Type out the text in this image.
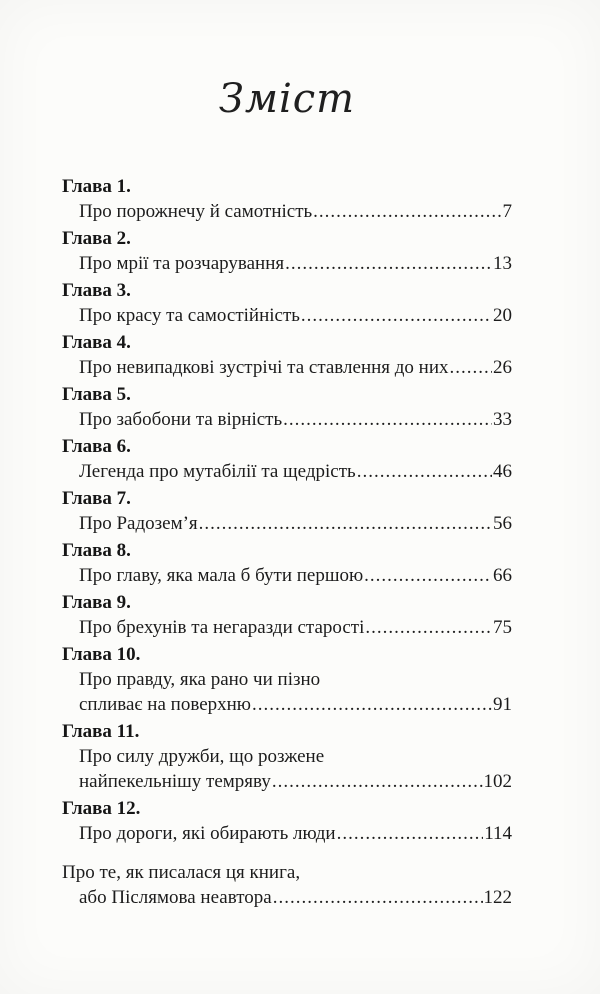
Зміст
Глава 1.
Про порожнечу й самотність .....	7
Глава 2.
Про мрії та розчарування .....	13
Глава 3.
Про красу та самостійність .....	20
Глава 4.
Про невипадкові зустрічі та ставлення до них ..... 26
Глава 5.
Про забобони та вірність .....	33
Глава 6.
Легенда про мутабілії та щедрість .....	46
Глава 7.
Про Радозем’я .....	56
Глава 8.
Про главу, яка мала б бути першою .....	66
Глава 9.
Про брехунів та негаразди старості .....	75
Глава 10.
Про правду, яка рано чи пізно
спливає на поверхню .....	91
Глава 11.
Про силу дружби, що розжене
найпекельнішу темряву .....	102
Глава 12.
Про дороги, які обирають люди .....	114
Про те, як писалася ця книга,
або Післямова неавтора .....	122
